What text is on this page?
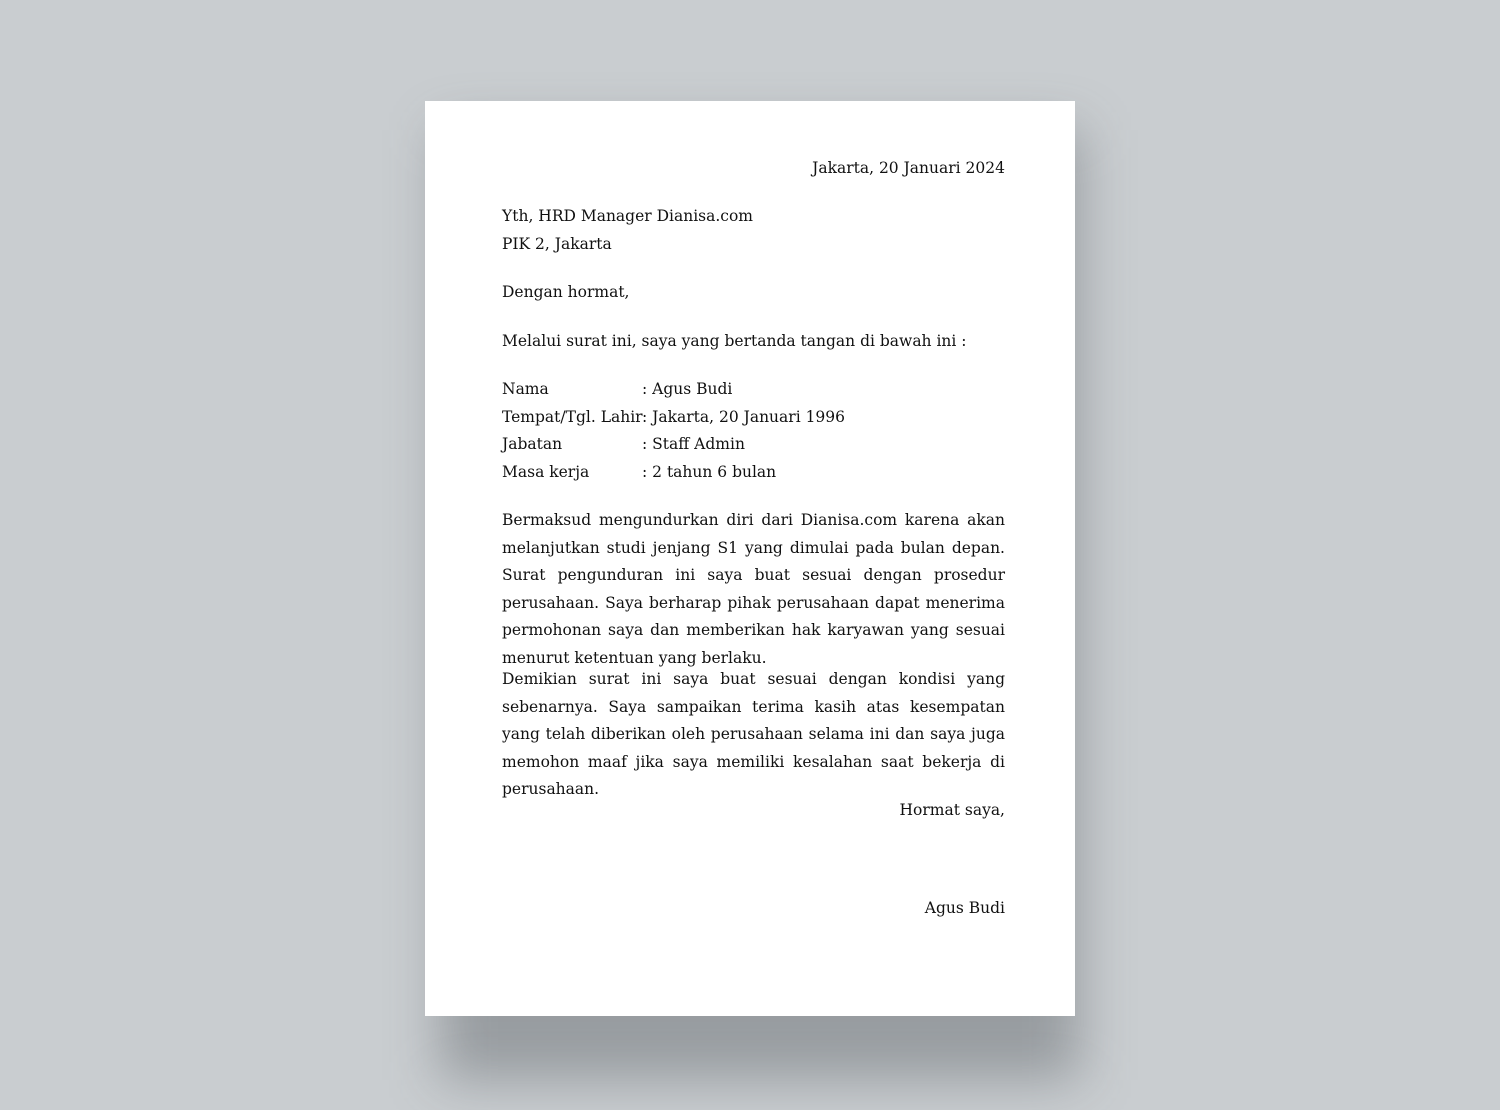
Jakarta, 20 Januari 2024
Yth, HRD Manager Dianisa.com
PIK 2, Jakarta
Dengan hormat,
Melalui surat ini, saya yang bertanda tangan di bawah ini :
Nama	: Agus Budi
Tempat/Tgl. Lahir : Jakarta, 20 Januari 1996
Jabatan	: Staff Admin
Masa kerja	: 2 tahun 6 bulan
Bermaksud mengundurkan diri dari Dianisa.com karena akan melanjutkan studi jenjang S1 yang dimulai pada bulan depan. Surat pengunduran ini saya buat sesuai dengan prosedur perusahaan. Saya berharap pihak perusahaan dapat menerima permohonan saya dan memberikan hak karyawan yang sesuai menurut ketentuan yang berlaku.
Demikian surat ini saya buat sesuai dengan kondisi yang sebenarnya. Saya sampaikan terima kasih atas kesempatan yang telah diberikan oleh perusahaan selama ini dan saya juga memohon maaf jika saya memiliki kesalahan saat bekerja di perusahaan.
Hormat saya,
Agus Budi
